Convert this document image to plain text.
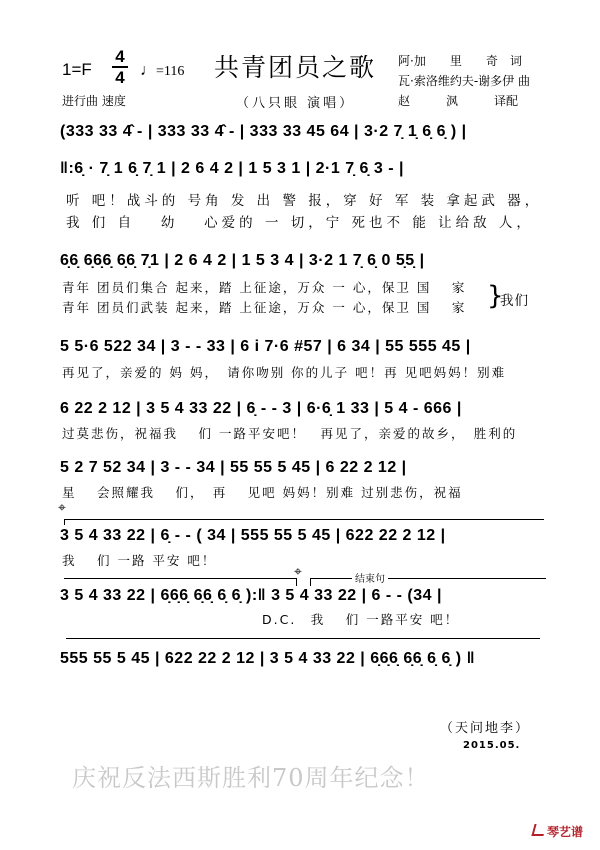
1=F
4
4 ♩=116
进行曲 速度
共青团员之歌
（八只眼 演唱）
阿·加　　里　　奇　词
瓦·索洛维约夫-谢多伊 曲
赵　　　沨　　　译配
(333 33 4̂ - | 333 33 4̂ - | 333 33 45 64 | 3·2 7̣ 1̣ 6̣ 6̣ ) |
‖:6̣ · 7̣ 1 6̣ 7̣ 1 | 2 6 4 2 | 1 5 3 1 | 2·1 7̣ 6̣ 3 - |
听 吧！战斗的 号角 发 出 警 报，穿 好 军 装 拿起武 器，
我 们 自 　幼 　心爱的 一 切，宁 死也不 能 让给敌 人，
6̣6̣ 6̣6̣6̣ 6̣6̣ 7̣1 | 2 6 4 2 | 1 5 3 4 | 3·2 1 7̣ 6̣ 0 5̣5̣ |
青年 团员们集合 起来，踏 上征途，万众 一 心，保卫 国 　家
青年 团员们武装 起来，踏 上征途，万众 一 心，保卫 国 　家 }
我们
5 5·6 522 34 | 3 - - 33 | 6 i 7·6 #57 | 6 34 | 55 555 45 |
再见了，亲爱的 妈 妈，　请你吻别 你的儿子 吧！再 见吧妈妈！别难
6 22 2 12 | 3 5 4 33 22 | 6̣ - - 3 | 6·6̣ 1 33 | 5 4 - 666 |
过莫悲伤，祝福我 　们 一路平安吧！　再见了，亲爱的故乡，　胜利的
5 2 7 52 34 | 3 - - 34 | 55 55 5 45 | 6 22 2 12 |
星 　会照耀我 　们，　再 　见吧 妈妈！别难 过别悲伤，祝福
⌖
3 5 4 33 22 | 6̣ - - ( 34 | 555 55 5 45 | 622 22 2 12 |
我 　们 一路 平安 吧！
⌖	结束句
3 5 4 33 22 | 6̣6̣6̣ 6̣6̣ 6̣ 6̣ ):‖ 3 5 4 33 22 | 6 - - (34 |
D.C.　我 　们 一路平安 吧！
555 55 5 45 | 622 22 2 12 | 3 5 4 33 22 | 6̣6̣6̣ 6̣6̣ 6̣ 6̣ ) ‖
（天问地李）
2015.05.
庆祝反法西斯胜利70周年纪念！
琴艺谱
